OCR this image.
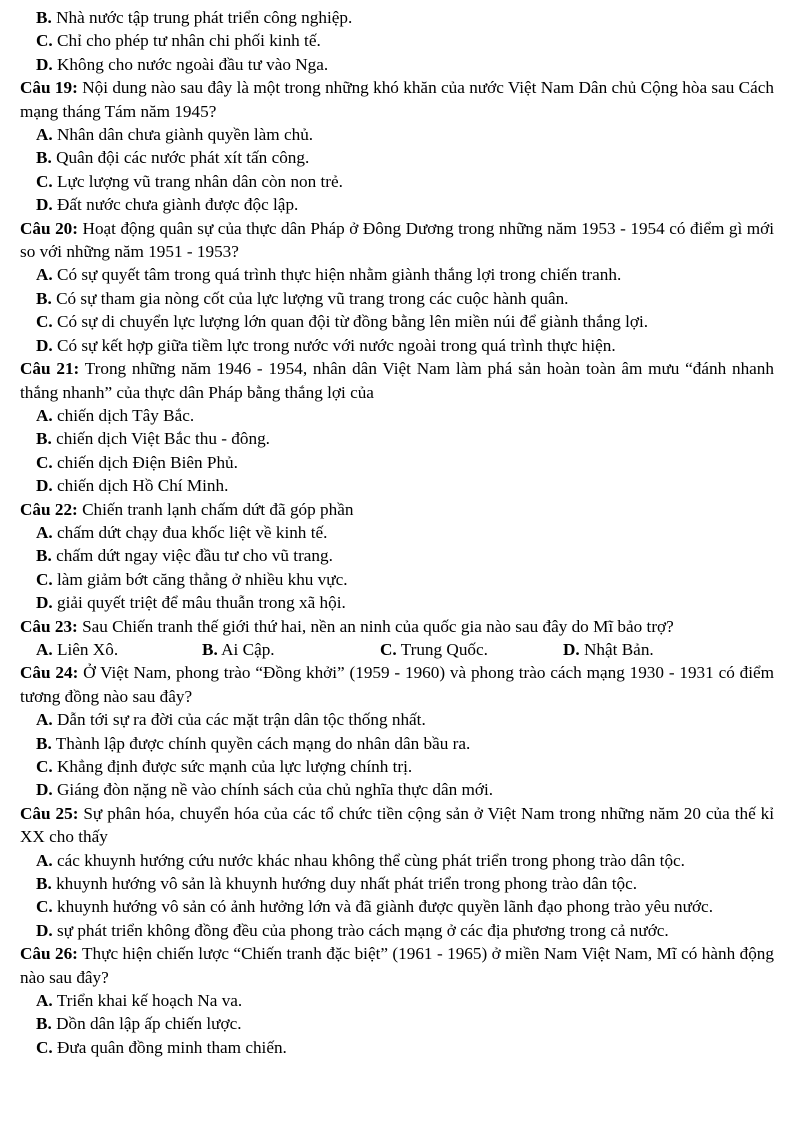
B. Nhà nước tập trung phát triển công nghiệp.
C. Chỉ cho phép tư nhân chi phối kinh tế.
D. Không cho nước ngoài đầu tư vào Nga.
Câu 19: Nội dung nào sau đây là một trong những khó khăn của nước Việt Nam Dân chủ Cộng hòa sau Cách mạng tháng Tám năm 1945?
A. Nhân dân chưa giành quyền làm chủ.
B. Quân đội các nước phát xít tấn công.
C. Lực lượng vũ trang nhân dân còn non trẻ.
D. Đất nước chưa giành được độc lập.
Câu 20: Hoạt động quân sự của thực dân Pháp ở Đông Dương trong những năm 1953 - 1954 có điểm gì mới so với những năm 1951 - 1953?
A. Có sự quyết tâm trong quá trình thực hiện nhằm giành thắng lợi trong chiến tranh.
B. Có sự tham gia nòng cốt của lực lượng vũ trang trong các cuộc hành quân.
C. Có sự di chuyển lực lượng lớn quan đội từ đồng bằng lên miền núi để giành thắng lợi.
D. Có sự kết hợp giữa tiềm lực trong nước với nước ngoài trong quá trình thực hiện.
Câu 21: Trong những năm 1946 - 1954, nhân dân Việt Nam làm phá sản hoàn toàn âm mưu “đánh nhanh thắng nhanh” của thực dân Pháp bằng thắng lợi của
A. chiến dịch Tây Bắc.
B. chiến dịch Việt Bắc thu - đông.
C. chiến dịch Điện Biên Phủ.
D. chiến dịch Hồ Chí Minh.
Câu 22: Chiến tranh lạnh chấm dứt đã góp phần
A. chấm dứt chạy đua khốc liệt về kinh tế.
B. chấm dứt ngay việc đầu tư cho vũ trang.
C. làm giảm bớt căng thẳng ở nhiều khu vực.
D. giải quyết triệt để mâu thuẫn trong xã hội.
Câu 23: Sau Chiến tranh thế giới thứ hai, nền an ninh của quốc gia nào sau đây do Mĩ bảo trợ?
A. Liên Xô.	B. Ai Cập.	C. Trung Quốc.	D. Nhật Bản.
Câu 24: Ở Việt Nam, phong trào “Đồng khởi” (1959 - 1960) và phong trào cách mạng 1930 - 1931 có điểm tương đồng nào sau đây?
A. Dẫn tới sự ra đời của các mặt trận dân tộc thống nhất.
B. Thành lập được chính quyền cách mạng do nhân dân bầu ra.
C. Khẳng định được sức mạnh của lực lượng chính trị.
D. Giáng đòn nặng nề vào chính sách của chủ nghĩa thực dân mới.
Câu 25: Sự phân hóa, chuyển hóa của các tổ chức tiền cộng sản ở Việt Nam trong những năm 20 của thế kỉ XX cho thấy
A. các khuynh hướng cứu nước khác nhau không thể cùng phát triển trong phong trào dân tộc.
B. khuynh hướng vô sản là khuynh hướng duy nhất phát triển trong phong trào dân tộc.
C. khuynh hướng vô sản có ảnh hưởng lớn và đã giành được quyền lãnh đạo phong trào yêu nước.
D. sự phát triển không đồng đều của phong trào cách mạng ở các địa phương trong cả nước.
Câu 26: Thực hiện chiến lược “Chiến tranh đặc biệt” (1961 - 1965) ở miền Nam Việt Nam, Mĩ có hành động nào sau đây?
A. Triển khai kế hoạch Na va.
B. Dồn dân lập ấp chiến lược.
C. Đưa quân đồng minh tham chiến.
